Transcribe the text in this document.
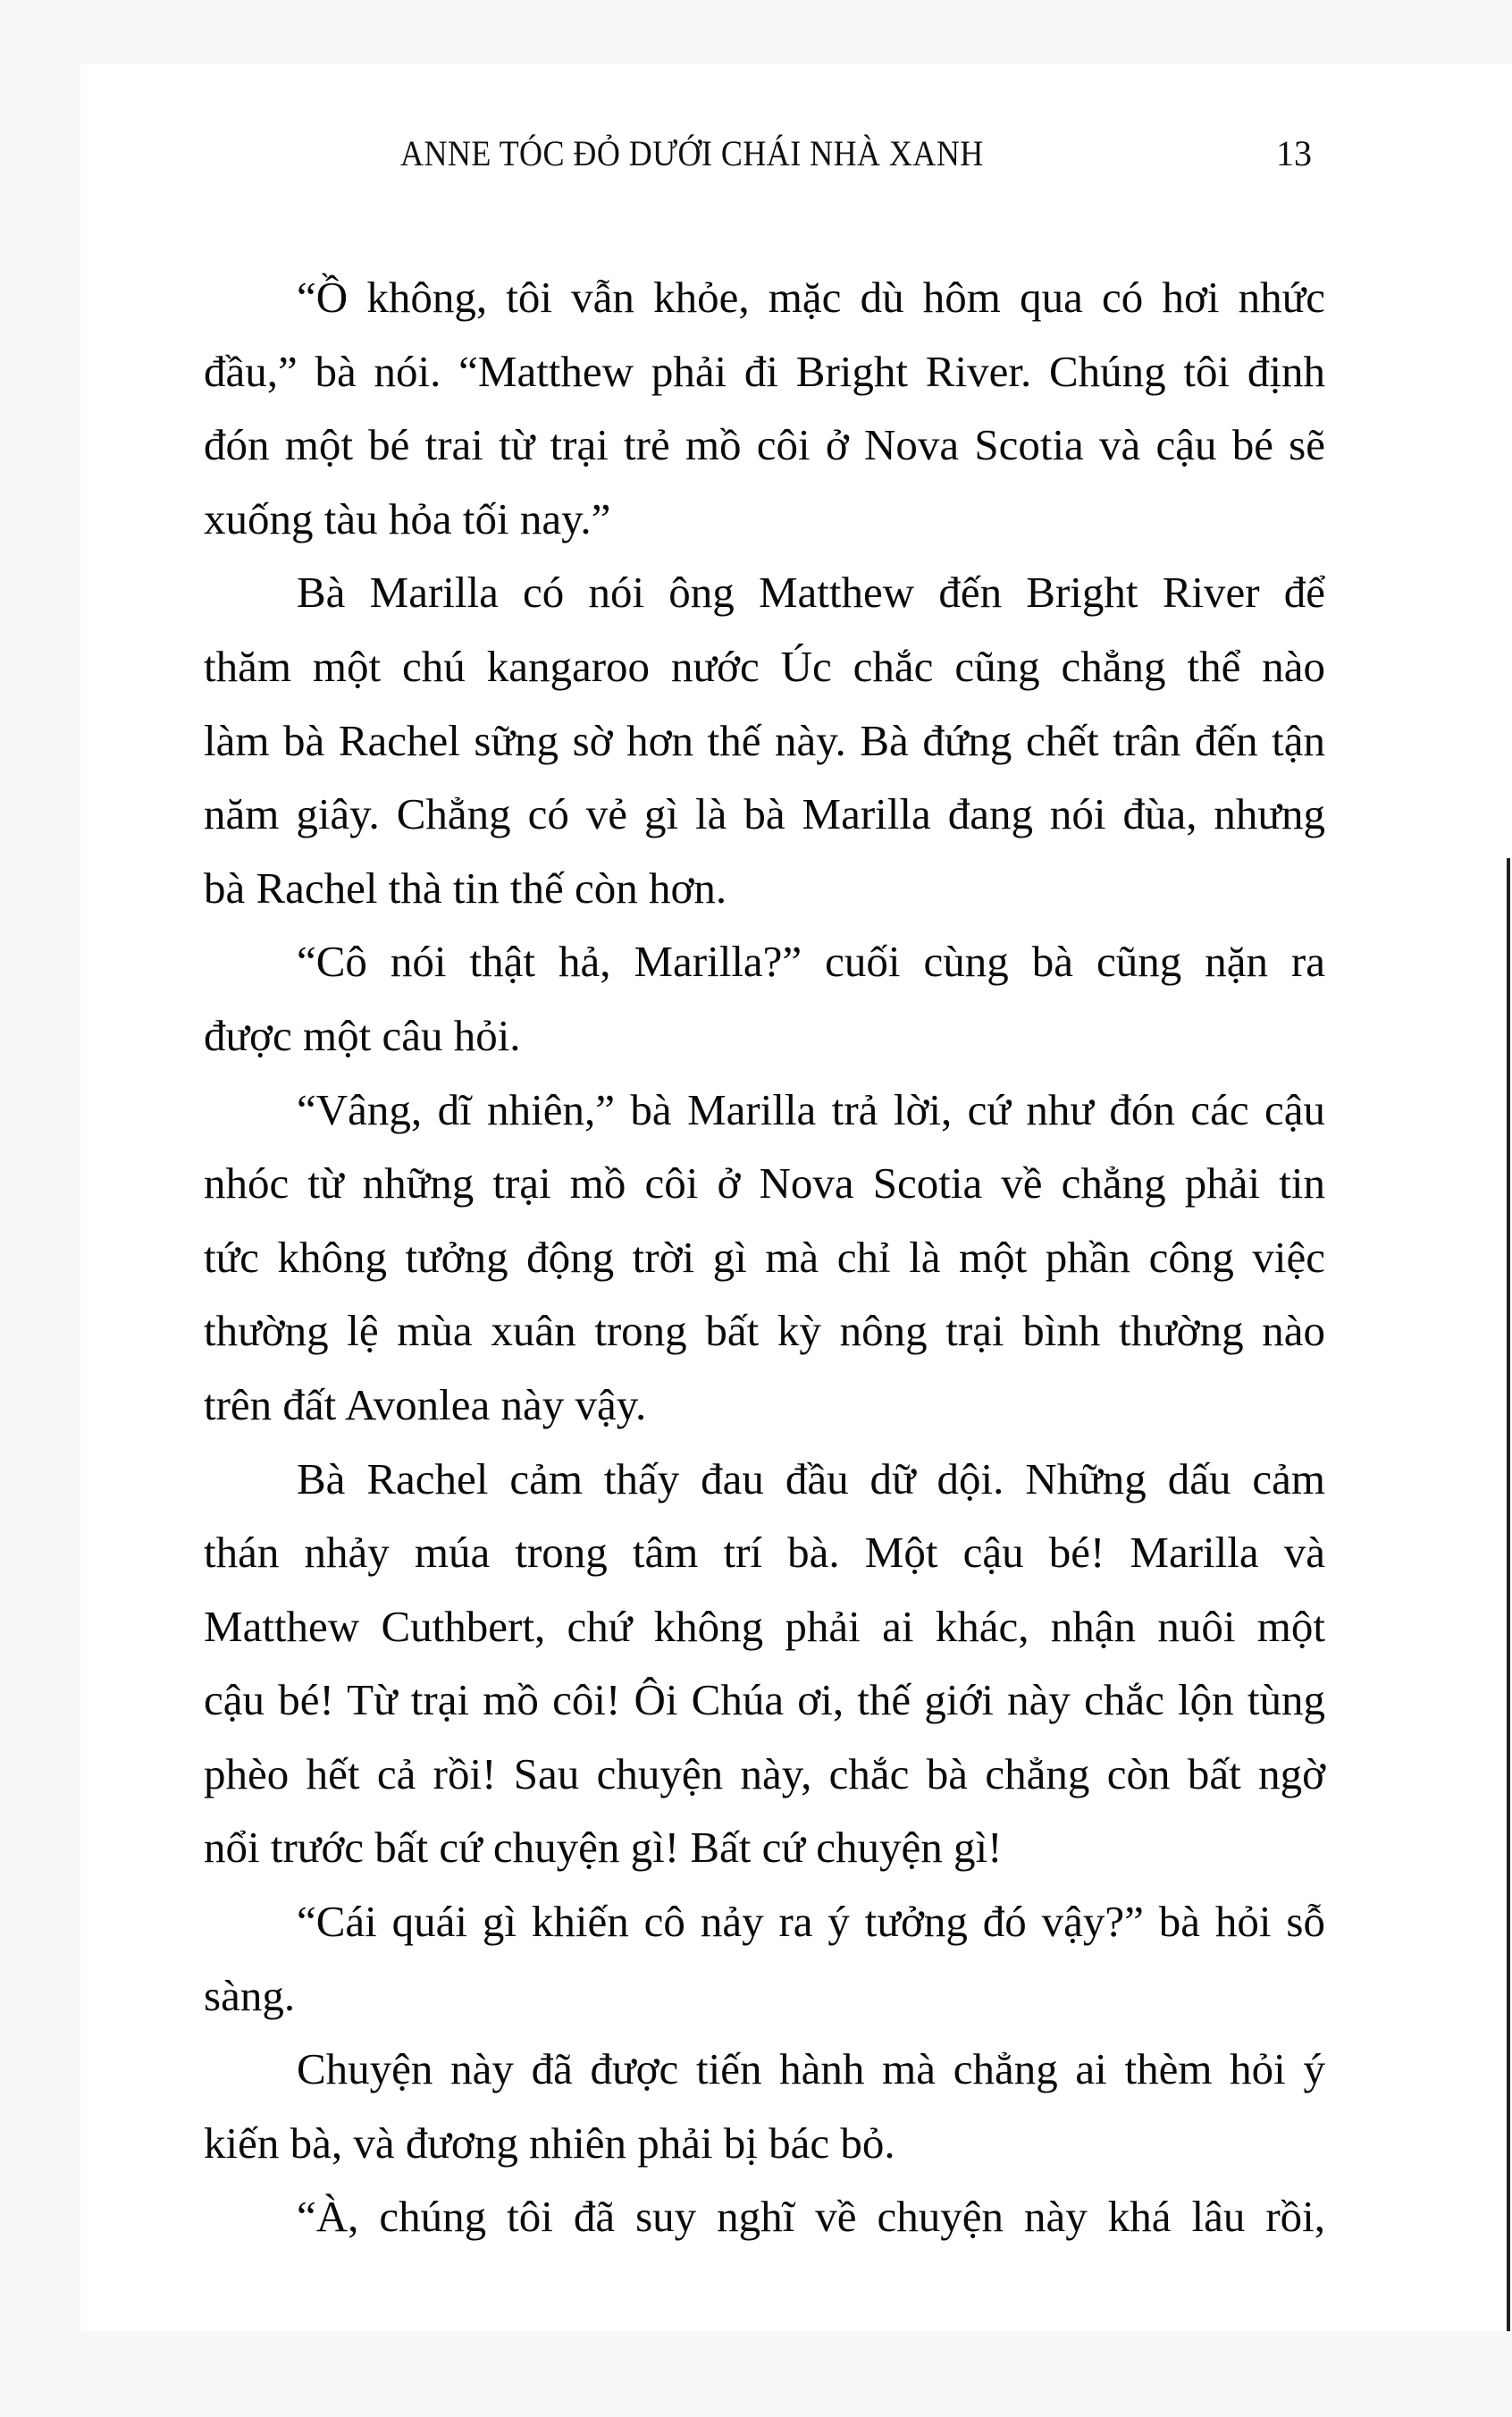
ANNE TÓC ĐỎ DƯỚI CHÁI NHÀ XANH	13
“Ồ không, tôi vẫn khỏe, mặc dù hôm qua có hơi nhức
đầu,” bà nói. “Matthew phải đi Bright River. Chúng tôi định
đón một bé trai từ trại trẻ mồ côi ở Nova Scotia và cậu bé sẽ
xuống tàu hỏa tối nay.”
Bà Marilla có nói ông Matthew đến Bright River để
thăm một chú kangaroo nước Úc chắc cũng chẳng thể nào
làm bà Rachel sững sờ hơn thế này. Bà đứng chết trân đến tận
năm giây. Chẳng có vẻ gì là bà Marilla đang nói đùa, nhưng
bà Rachel thà tin thế còn hơn.
“Cô nói thật hả, Marilla?” cuối cùng bà cũng nặn ra
được một câu hỏi.
“Vâng, dĩ nhiên,” bà Marilla trả lời, cứ như đón các cậu
nhóc từ những trại mồ côi ở Nova Scotia về chẳng phải tin
tức không tưởng động trời gì mà chỉ là một phần công việc
thường lệ mùa xuân trong bất kỳ nông trại bình thường nào
trên đất Avonlea này vậy.
Bà Rachel cảm thấy đau đầu dữ dội. Những dấu cảm
thán nhảy múa trong tâm trí bà. Một cậu bé! Marilla và
Matthew Cuthbert, chứ không phải ai khác, nhận nuôi một
cậu bé! Từ trại mồ côi! Ôi Chúa ơi, thế giới này chắc lộn tùng
phèo hết cả rồi! Sau chuyện này, chắc bà chẳng còn bất ngờ
nổi trước bất cứ chuyện gì! Bất cứ chuyện gì!
“Cái quái gì khiến cô nảy ra ý tưởng đó vậy?” bà hỏi sỗ
sàng.
Chuyện này đã được tiến hành mà chẳng ai thèm hỏi ý
kiến bà, và đương nhiên phải bị bác bỏ.
“À, chúng tôi đã suy nghĩ về chuyện này khá lâu rồi,
